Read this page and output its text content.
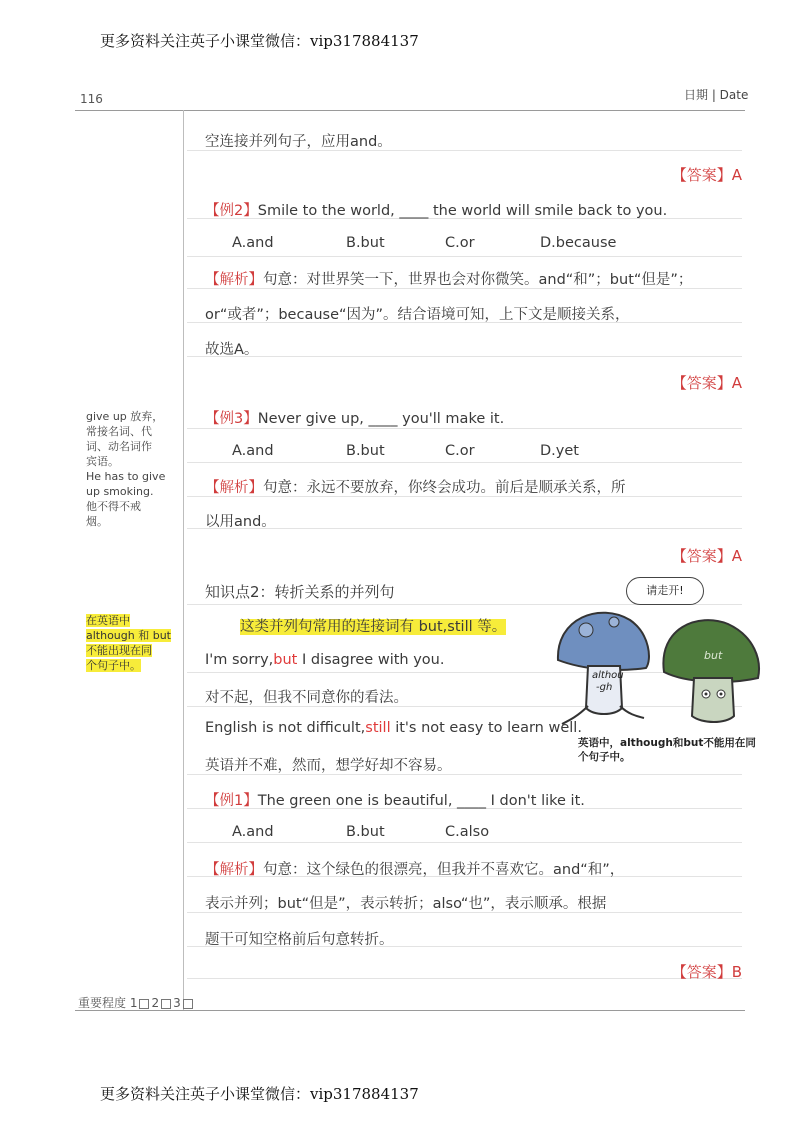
更多资料关注英子小课堂微信：vip317884137
116	日期 | Date
give up 放弃，
常接名词、代
词、动名词作
宾语。
He has to give
up smoking.
他不得不戒
烟。
在英语中
although 和 but
不能出现在同
个句子中。
空连接并列句子，应用and。
【答案】A
【例2】Smile to the world, ____ the world will smile back to you.
A.and	B.but	C.or	D.because
【解析】句意：对世界笑一下，世界也会对你微笑。and“和”；but“但是”；
or“或者”；because“因为”。结合语境可知，上下文是顺接关系，
故选A。
【答案】A
【例3】Never give up, ____ you'll make it.
A.and	B.but	C.or	D.yet
【解析】句意：永远不要放弃，你终会成功。前后是顺承关系，所
以用and。
【答案】A
知识点2：转折关系的并列句
这类并列句常用的连接词有 but,still 等。
I'm sorry,but I disagree with you.
对不起，但我不同意你的看法。
English is not difficult,still it's not easy to learn well.
英语并不难，然而，想学好却不容易。
请走开!
althou
-gh
but
英语中，although和but不能用在同
个句子中。
【例1】The green one is beautiful, ____ I don't like it.
A.and	B.but	C.also
【解析】句意：这个绿色的很漂亮，但我并不喜欢它。and“和”，
表示并列；but“但是”，表示转折；also“也”，表示顺承。根据
题干可知空格前后句意转折。
【答案】B
重要程度 1 2 3
更多资料关注英子小课堂微信：vip317884137
